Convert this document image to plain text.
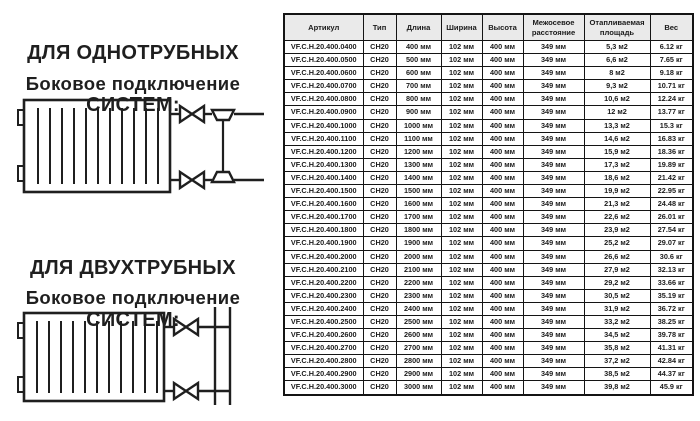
ДЛЯ ОДНОТРУБНЫХ

СИСТЕМ:

Боковое подключение

ДЛЯ ДВУХТРУБНЫХ

СИСТЕМ:

Боковое подключение
Артикул	Тип	Длина	Ширина	Высота	Межосевое расстояние	Отапливаемая площадь	Вес
VF.C.H.20.400.0400	CH20	400 мм	102 мм	400 мм	349 мм	5,3 м2	6.12 кг
VF.C.H.20.400.0500	CH20	500 мм	102 мм	400 мм	349 мм	6,6 м2	7.65 кг
VF.C.H.20.400.0600	CH20	600 мм	102 мм	400 мм	349 мм	8 м2	9.18 кг
VF.C.H.20.400.0700	CH20	700 мм	102 мм	400 мм	349 мм	9,3 м2	10.71 кг
VF.C.H.20.400.0800	CH20	800 мм	102 мм	400 мм	349 мм	10,6 м2	12.24 кг
VF.C.H.20.400.0900	CH20	900 мм	102 мм	400 мм	349 мм	12 м2	13.77 кг
VF.C.H.20.400.1000	CH20	1000 мм	102 мм	400 мм	349 мм	13,3 м2	15.3 кг
VF.C.H.20.400.1100	CH20	1100 мм	102 мм	400 мм	349 мм	14,6 м2	16.83 кг
VF.C.H.20.400.1200	CH20	1200 мм	102 мм	400 мм	349 мм	15,9 м2	18.36 кг
VF.C.H.20.400.1300	CH20	1300 мм	102 мм	400 мм	349 мм	17,3 м2	19.89 кг
VF.C.H.20.400.1400	CH20	1400 мм	102 мм	400 мм	349 мм	18,6 м2	21.42 кг
VF.C.H.20.400.1500	CH20	1500 мм	102 мм	400 мм	349 мм	19,9 м2	22.95 кг
VF.C.H.20.400.1600	CH20	1600 мм	102 мм	400 мм	349 мм	21,3 м2	24.48 кг
VF.C.H.20.400.1700	CH20	1700 мм	102 мм	400 мм	349 мм	22,6 м2	26.01 кг
VF.C.H.20.400.1800	CH20	1800 мм	102 мм	400 мм	349 мм	23,9 м2	27.54 кг
VF.C.H.20.400.1900	CH20	1900 мм	102 мм	400 мм	349 мм	25,2 м2	29.07 кг
VF.C.H.20.400.2000	CH20	2000 мм	102 мм	400 мм	349 мм	26,6 м2	30.6 кг
VF.C.H.20.400.2100	CH20	2100 мм	102 мм	400 мм	349 мм	27,9 м2	32.13 кг
VF.C.H.20.400.2200	CH20	2200 мм	102 мм	400 мм	349 мм	29,2 м2	33.66 кг
VF.C.H.20.400.2300	CH20	2300 мм	102 мм	400 мм	349 мм	30,5 м2	35.19 кг
VF.C.H.20.400.2400	CH20	2400 мм	102 мм	400 мм	349 мм	31,9 м2	36.72 кг
VF.C.H.20.400.2500	CH20	2500 мм	102 мм	400 мм	349 мм	33,2 м2	38.25 кг
VF.C.H.20.400.2600	CH20	2600 мм	102 мм	400 мм	349 мм	34,5 м2	39.78 кг
VF.C.H.20.400.2700	CH20	2700 мм	102 мм	400 мм	349 мм	35,8 м2	41.31 кг
VF.C.H.20.400.2800	CH20	2800 мм	102 мм	400 мм	349 мм	37,2 м2	42.84 кг
VF.C.H.20.400.2900	CH20	2900 мм	102 мм	400 мм	349 мм	38,5 м2	44.37 кг
VF.C.H.20.400.3000	CH20	3000 мм	102 мм	400 мм	349 мм	39,8 м2	45.9 кг
